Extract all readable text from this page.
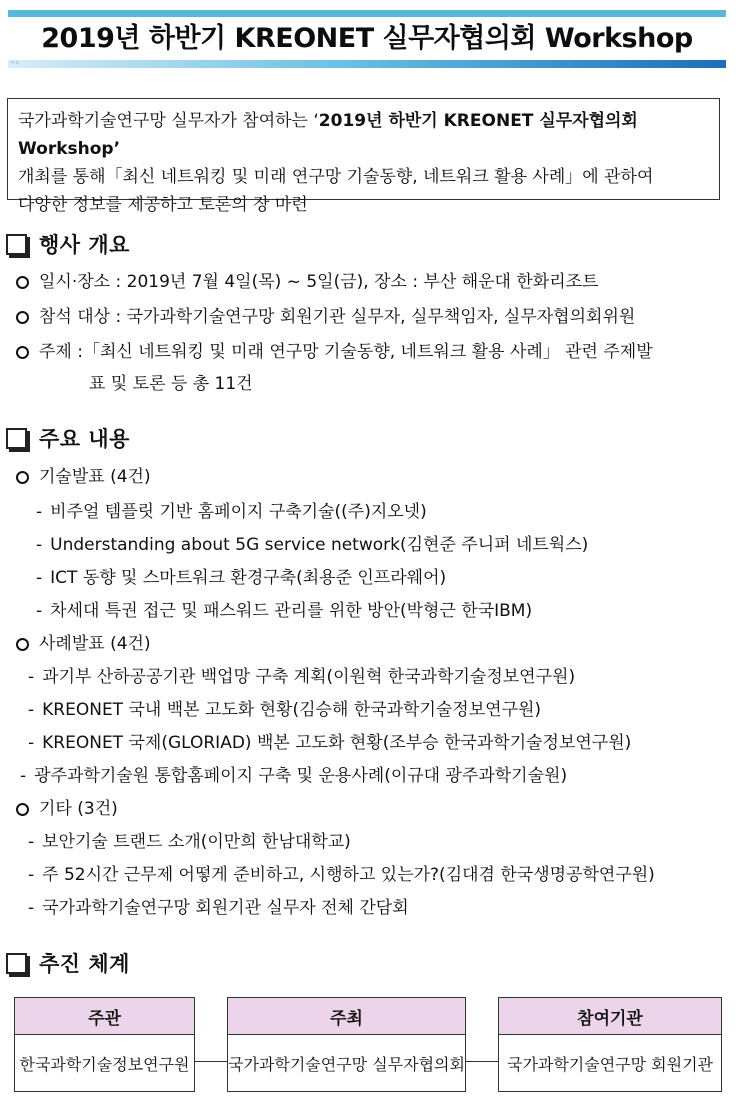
2019년 하반기 KREONET 실무자협의회 Workshop
ㅋㄷ
국가과학기술연구망 실무자가 참여하는 ‘2019년 하반기 KREONET 실무자협의회 Workshop’
개최를 통해「최신 네트워킹 및 미래 연구망 기술동향, 네트워크 활용 사례」에 관하여
다양한 정보를 제공하고 토론의 장 마련
행사 개요
일시·장소 : 2019년 7월 4일(목) ~ 5일(금), 장소 : 부산 해운대 한화리조트
참석 대상 : 국가과학기술연구망 회원기관 실무자, 실무책임자, 실무자협의회위원
주제 :「최신 네트워킹 및 미래 연구망 기술동향, 네트워크 활용 사례」 관련 주제발
표 및 토론 등 총 11건
주요 내용
기술발표 (4건)
- 비주얼 템플릿 기반 홈페이지 구축기술((주)지오넷)
- Understanding about 5G service network(김현준 주니퍼 네트웍스)
- ICT 동향 및 스마트워크 환경구축(최용준 인프라웨어)
- 차세대 특권 접근 및 패스워드 관리를 위한 방안(박형근 한국IBM)
사례발표 (4건)
- 과기부 산하공공기관 백업망 구축 계획(이원혁 한국과학기술정보연구원)
- KREONET 국내 백본 고도화 현황(김승해 한국과학기술정보연구원)
- KREONET 국제(GLORIAD) 백본 고도화 현황(조부승 한국과학기술정보연구원)
- 광주과학기술원 통합홈페이지 구축 및 운용사례(이규대 광주과학기술원)
기타 (3건)
- 보안기술 트랜드 소개(이만희 한남대학교)
- 주 52시간 근무제 어떻게 준비하고, 시행하고 있는가?(김대겸 한국생명공학연구원)
- 국가과학기술연구망 회원기관 실무자 전체 간담회
추진 체계
주관
한국과학기술정보연구원
주최
국가과학기술연구망 실무자협의회
참여기관
국가과학기술연구망 회원기관
